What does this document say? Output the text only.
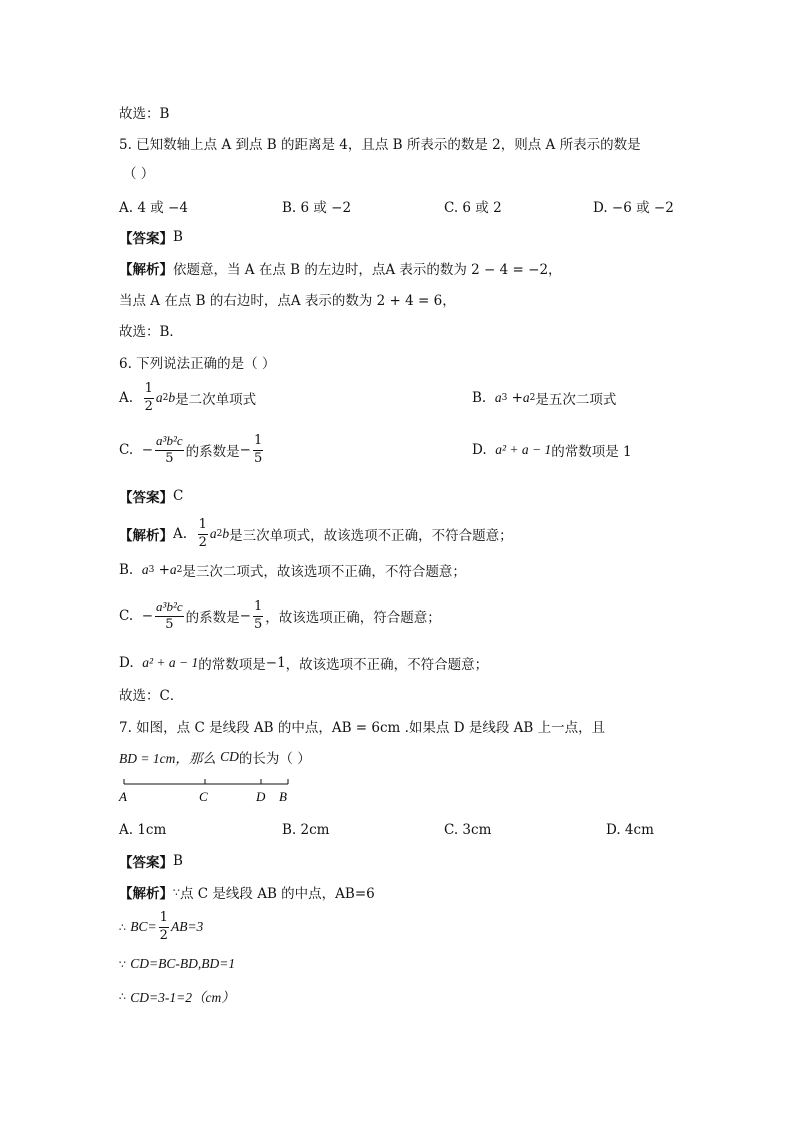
故选：B
5. 已知数轴上点 A 到点 B 的距离是 4，且点 B 所表示的数是 2，则点 A 所表示的数是
（ ）
A. 4 或 −4	B. 6 或 −2	C. 6 或 2	D. −6 或 −2
【答案】 B
【解析】 依题意，当 A 在点 B 的左边时，点A 表示的数为 2 − 4 = −2，
当点 A 在点 B 的右边时，点A 表示的数为 2 + 4 = 6，
故选：B．
6. 下列说法正确的是（ ）
A.
$\frac{1}{2}$ a 2 b 是二次单项式	B.
a 3
+ a 2 是五次二项式
C.
− $\frac{\text{a³b²c}}{5}$ 的系数是 − $\frac{1}{5}$	D.
a² + a − 1 的常数项是 1
【答案】 C
【解析】 A.
$\frac{1}{2}$ a 2 b 是三次单项式，故该选项不正确，不符合题意；
B.
a 3
+ a 2 是三次二项式，故该选项不正确，不符合题意；
C.
− $\frac{\text{a³b²c}}{5}$ 的系数是 − $\frac{1}{5}$ ，故该选项正确，符合题意；
D.
a² + a − 1 的常数项是 −1 ，故该选项不正确，不符合题意；
故选：C．
7. 如图，点 C 是线段 AB 的中点，AB = 6cm .如果点 D 是线段 AB 上一点，且
BD = 1cm，那么
CD 的长为（ ）
A	C	D B
A. 1cm	B. 2cm	C. 3cm	D. 4cm
【答案】 B
【解析】 ∵ 点 C 是线段 AB 的中点，AB=6
∴
$BC= \frac{1}{2} AB=3$
∵
CD=BC-BD,BD=1
∴
CD=3-1=2（cm）
